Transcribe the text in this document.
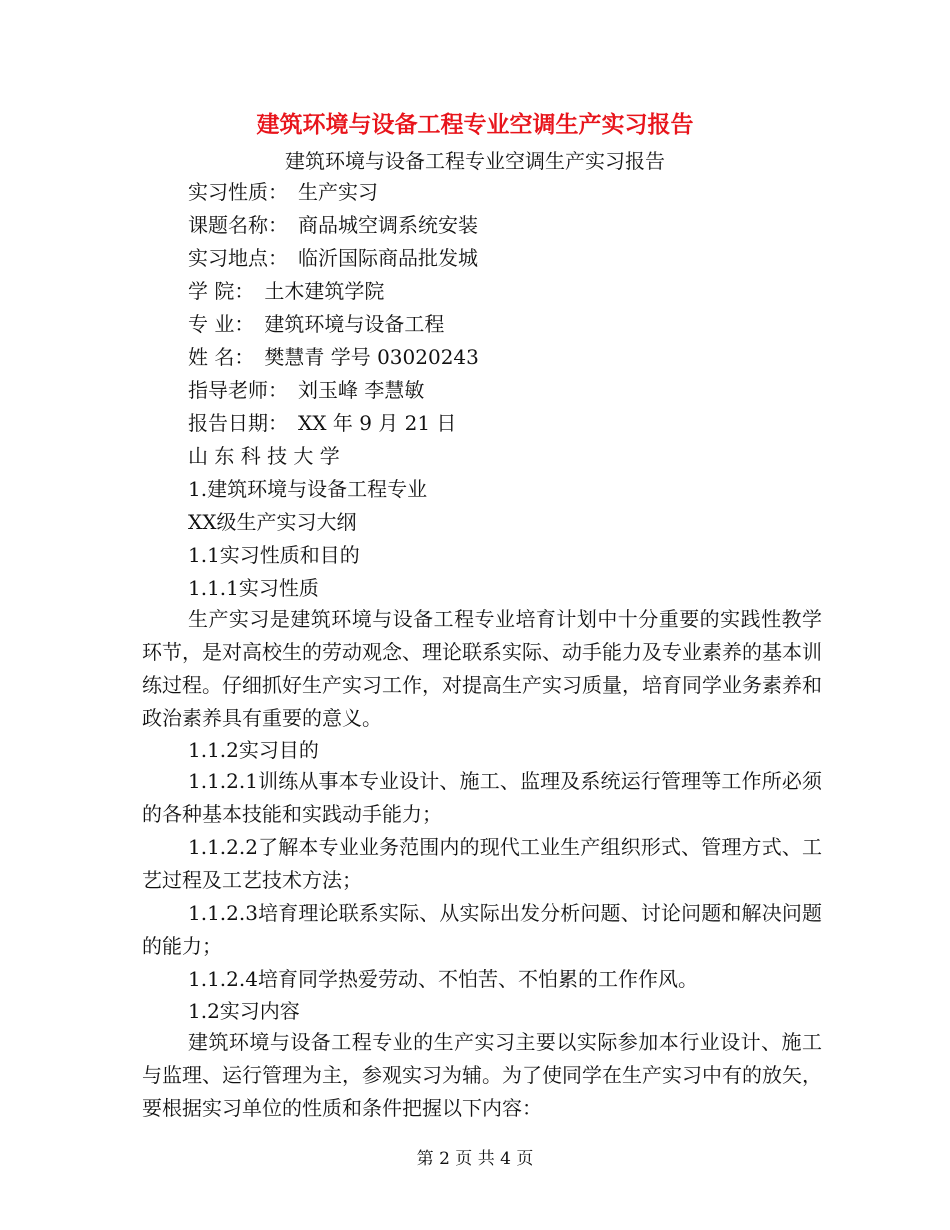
建筑环境与设备工程专业空调生产实习报告
建筑环境与设备工程专业空调生产实习报告
实习性质：　生产实习
课题名称：　商品城空调系统安装
实习地点：　临沂国际商品批发城
学 院：　土木建筑学院
专 业：　建筑环境与设备工程
姓 名：　樊慧青 学号 03020243
指导老师：　刘玉峰 李慧敏
报告日期：　XX 年 9 月 21 日
山 东 科 技 大 学
1.建筑环境与设备工程专业
XX级生产实习大纲
1.1实习性质和目的
1.1.1实习性质

生产实习是建筑环境与设备工程专业培育计划中十分重要的实践性教学环节，是对高校生的劳动观念、理论联系实际、动手能力及专业素养的基本训练过程。仔细抓好生产实习工作，对提高生产实习质量，培育同学业务素养和政治素养具有重要的意义。

1.1.2实习目的

1.1.2.1训练从事本专业设计、施工、监理及系统运行管理等工作所必须的各种基本技能和实践动手能力；

1.1.2.2了解本专业业务范围内的现代工业生产组织形式、管理方式、工艺过程及工艺技术方法；

1.1.2.3培育理论联系实际、从实际出发分析问题、讨论问题和解决问题的能力；

1.1.2.4培育同学热爱劳动、不怕苦、不怕累的工作作风。

1.2实习内容

建筑环境与设备工程专业的生产实习主要以实际参加本行业设计、施工与监理、运行管理为主，参观实习为辅。为了使同学在生产实习中有的放矢，要根据实习单位的性质和条件把握以下内容：

第 2 页 共 4 页
